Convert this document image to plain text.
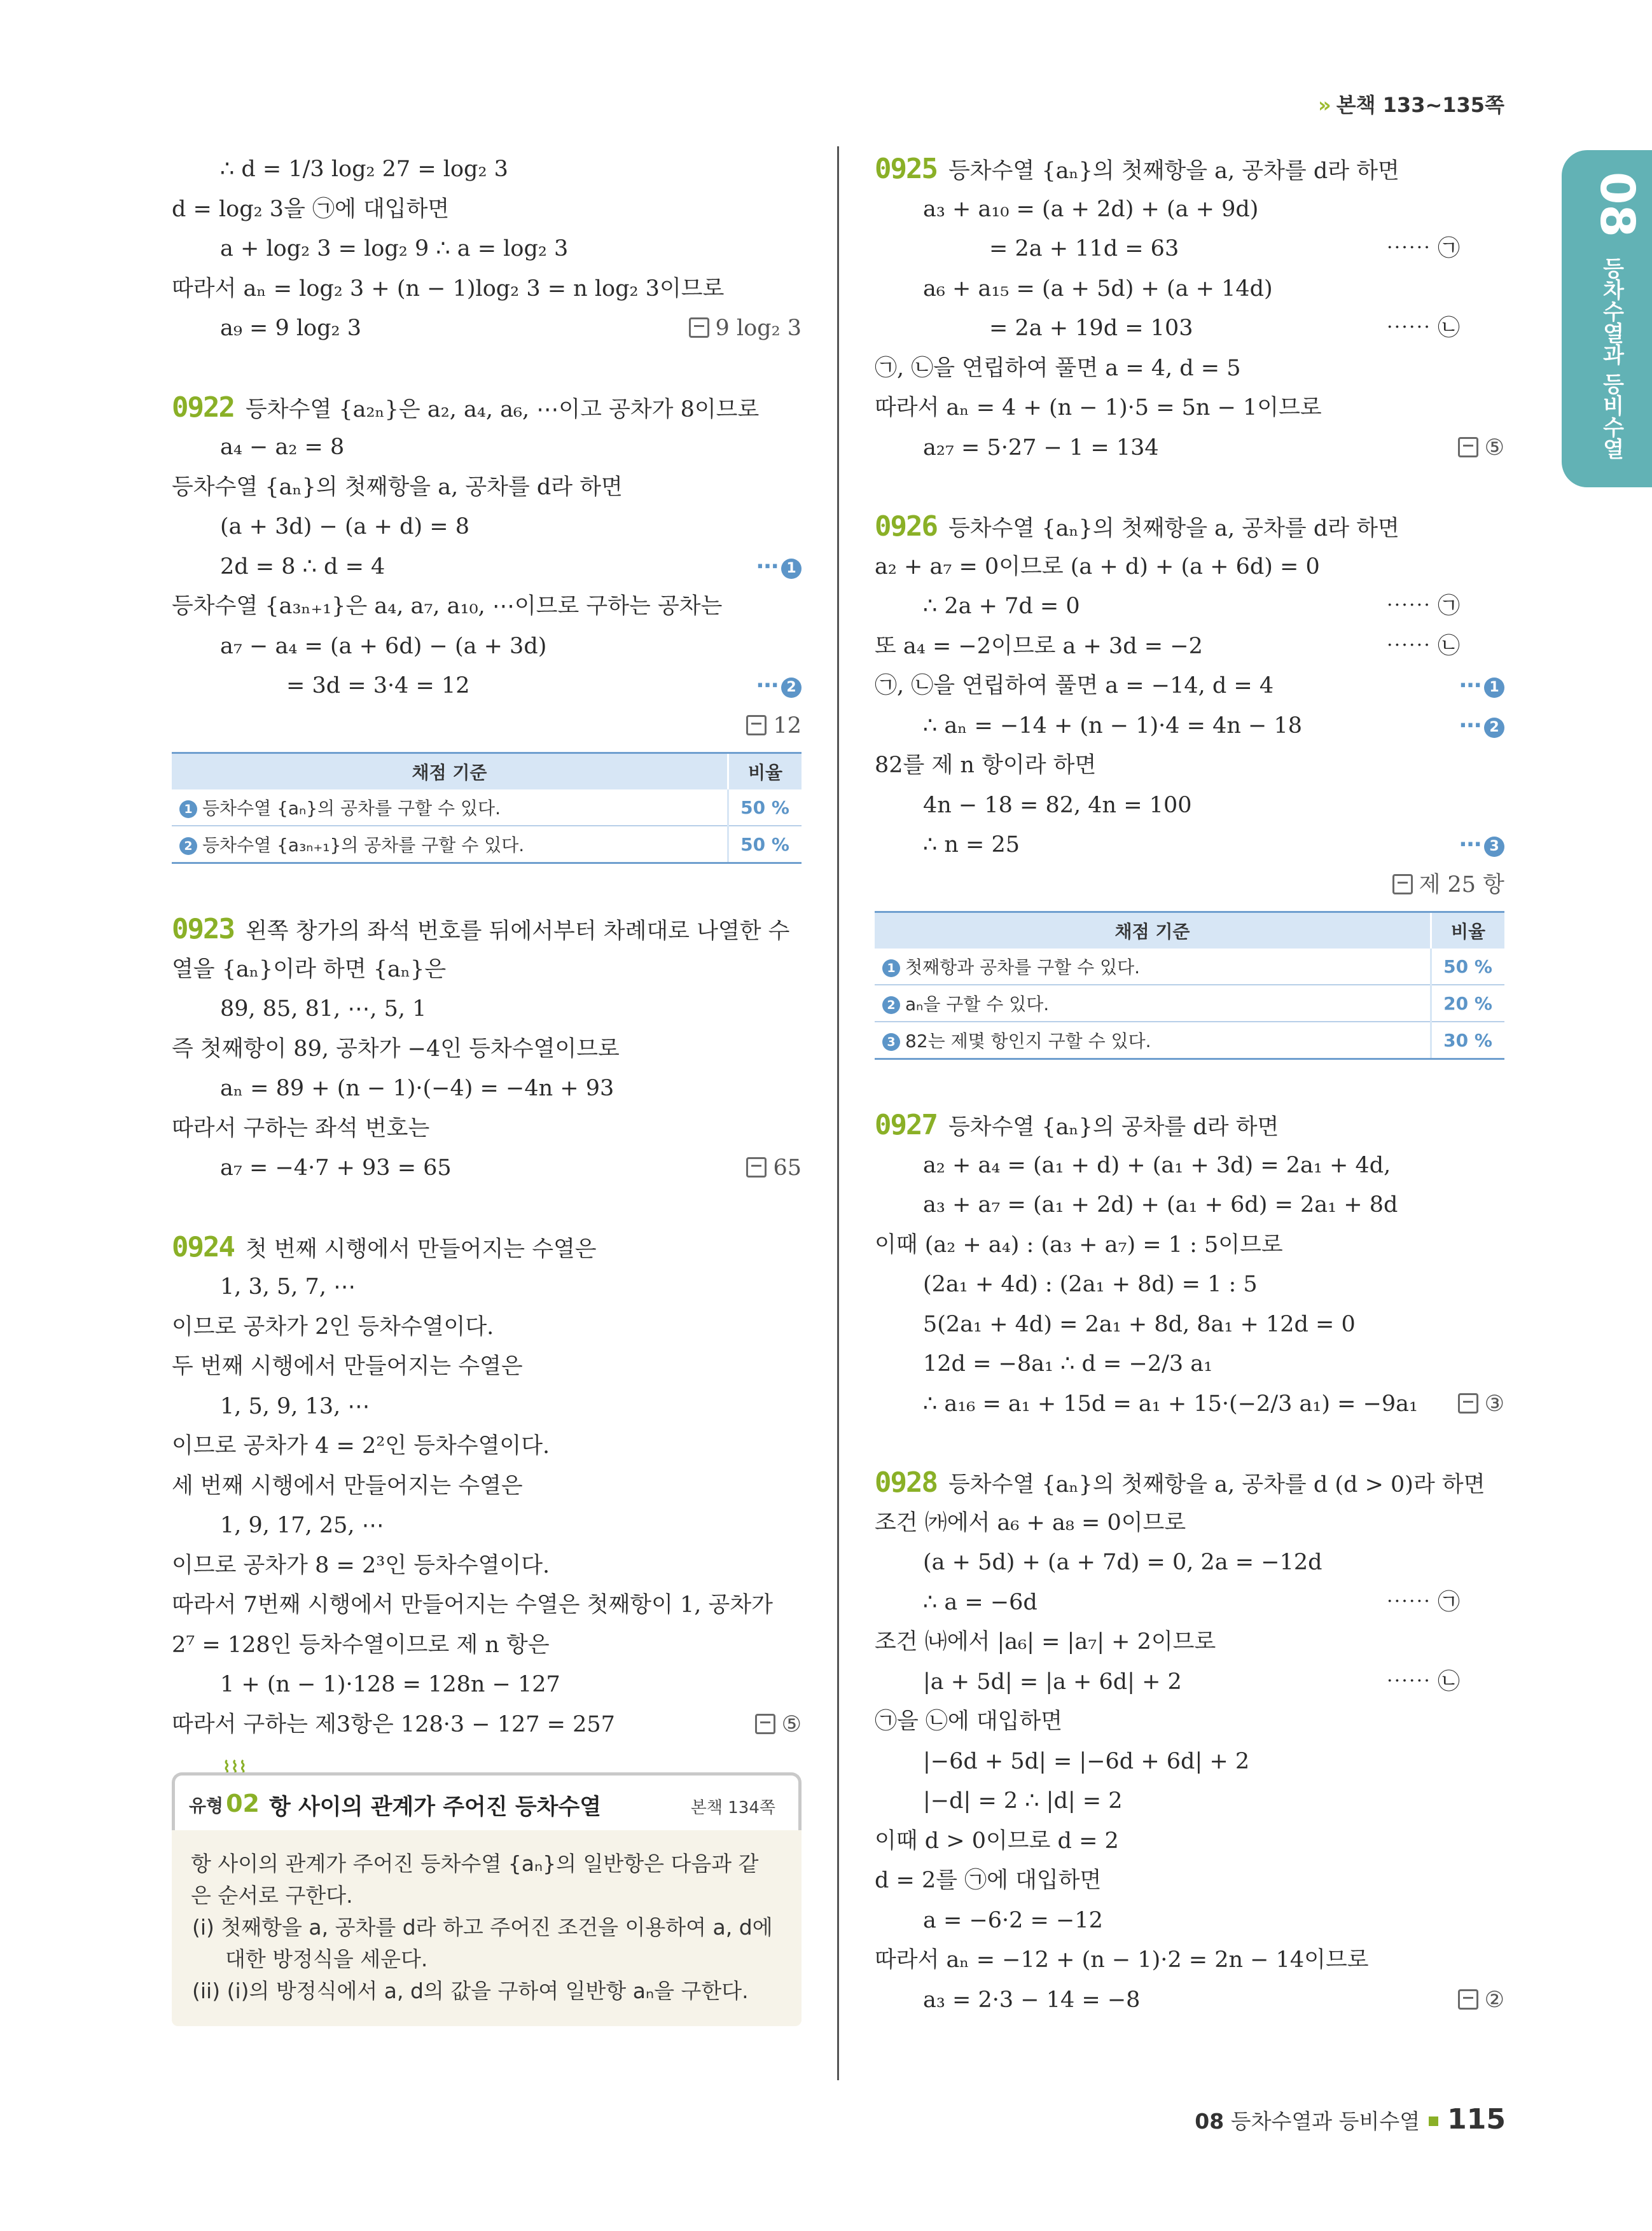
» 본책 133~135쪽
08
등차수열과 등비수열
∴ d = 1/3 log₂ 27 = log₂ 3
d = log₂ 3을 ㉠에 대입하면
a + log₂ 3 = log₂ 9 ∴ a = log₂ 3
따라서 aₙ = log₂ 3 + (n − 1)log₂ 3 = n log₂ 3이므로
a₉ = 9 log₂ 3	9 log₂ 3
0922 등차수열 {a₂ₙ}은 a₂, a₄, a₆, ⋯이고 공차가 8이므로
a₄ − a₂ = 8
등차수열 {aₙ}의 첫째항을 a, 공차를 d라 하면
(a + 3d) − (a + d) = 8
2d = 8 ∴ d = 4	⋯ 1
등차수열 {a₃ₙ₊₁}은 a₄, a₇, a₁₀, ⋯이므로 구하는 공차는
a₇ − a₄ = (a + 6d) − (a + 3d)
= 3d = 3·4 = 12	⋯ 2
12
채점 기준	비율
1 등차수열 {aₙ}의 공차를 구할 수 있다.	50 %
2 등차수열 {a₃ₙ₊₁}의 공차를 구할 수 있다.	50 %
0923 왼쪽 창가의 좌석 번호를 뒤에서부터 차례대로 나열한 수
열을 {aₙ}이라 하면 {aₙ}은
89, 85, 81, ⋯, 5, 1
즉 첫째항이 89, 공차가 −4인 등차수열이므로
aₙ = 89 + (n − 1)·(−4) = −4n + 93
따라서 구하는 좌석 번호는
a₇ = −4·7 + 93 = 65	65
0924 첫 번째 시행에서 만들어지는 수열은
1, 3, 5, 7, ⋯
이므로 공차가 2인 등차수열이다.
두 번째 시행에서 만들어지는 수열은
1, 5, 9, 13, ⋯
이므로 공차가 4 = 2²인 등차수열이다.
세 번째 시행에서 만들어지는 수열은
1, 9, 17, 25, ⋯
이므로 공차가 8 = 2³인 등차수열이다.
따라서 7번째 시행에서 만들어지는 수열은 첫째항이 1, 공차가
2⁷ = 128인 등차수열이므로 제 n 항은
1 + (n − 1)·128 = 128n − 127
따라서 구하는 제3항은 128·3 − 127 = 257	⑤
⌇⌇⌇
유형 02 항 사이의 관계가 주어진 등차수열	본책 134쪽
항 사이의 관계가 주어진 등차수열 {aₙ}의 일반항은 다음과 같은 순서로 구한다.
(i) 첫째항을 a, 공차를 d라 하고 주어진 조건을 이용하여 a, d에 대한 방정식을 세운다.
(ii) (i)의 방정식에서 a, d의 값을 구하여 일반항 aₙ을 구한다.
0925 등차수열 {aₙ}의 첫째항을 a, 공차를 d라 하면
a₃ + a₁₀ = (a + 2d) + (a + 9d)
= 2a + 11d = 63	⋯⋯ ㉠
a₆ + a₁₅ = (a + 5d) + (a + 14d)
= 2a + 19d = 103	⋯⋯ ㉡
㉠, ㉡을 연립하여 풀면 a = 4, d = 5
따라서 aₙ = 4 + (n − 1)·5 = 5n − 1이므로
a₂₇ = 5·27 − 1 = 134	⑤
0926 등차수열 {aₙ}의 첫째항을 a, 공차를 d라 하면
a₂ + a₇ = 0이므로 (a + d) + (a + 6d) = 0
∴ 2a + 7d = 0	⋯⋯ ㉠
또 a₄ = −2이므로 a + 3d = −2	⋯⋯ ㉡
㉠, ㉡을 연립하여 풀면 a = −14, d = 4	⋯ 1
∴ aₙ = −14 + (n − 1)·4 = 4n − 18	⋯ 2
82를 제 n 항이라 하면
4n − 18 = 82, 4n = 100
∴ n = 25	⋯ 3
제 25 항
채점 기준	비율
1 첫째항과 공차를 구할 수 있다.	50 %
2 aₙ을 구할 수 있다.	20 %
3 82는 제몇 항인지 구할 수 있다.	30 %
0927 등차수열 {aₙ}의 공차를 d라 하면
a₂ + a₄ = (a₁ + d) + (a₁ + 3d) = 2a₁ + 4d,
a₃ + a₇ = (a₁ + 2d) + (a₁ + 6d) = 2a₁ + 8d
이때 (a₂ + a₄) : (a₃ + a₇) = 1 : 5이므로
(2a₁ + 4d) : (2a₁ + 8d) = 1 : 5
5(2a₁ + 4d) = 2a₁ + 8d, 8a₁ + 12d = 0
12d = −8a₁ ∴ d = −2/3 a₁
∴ a₁₆ = a₁ + 15d = a₁ + 15·(−2/3 a₁) = −9a₁	③
0928 등차수열 {aₙ}의 첫째항을 a, 공차를 d (d > 0)라 하면
조건 ㈎에서 a₆ + a₈ = 0이므로
(a + 5d) + (a + 7d) = 0, 2a = −12d
∴ a = −6d	⋯⋯ ㉠
조건 ㈏에서 |a₆| = |a₇| + 2이므로
|a + 5d| = |a + 6d| + 2	⋯⋯ ㉡
㉠을 ㉡에 대입하면
|−6d + 5d| = |−6d + 6d| + 2
|−d| = 2 ∴ |d| = 2
이때 d > 0이므로 d = 2
d = 2를 ㉠에 대입하면
a = −6·2 = −12
따라서 aₙ = −12 + (n − 1)·2 = 2n − 14이므로
a₃ = 2·3 − 14 = −8	②
08 등차수열과 등비수열 115
